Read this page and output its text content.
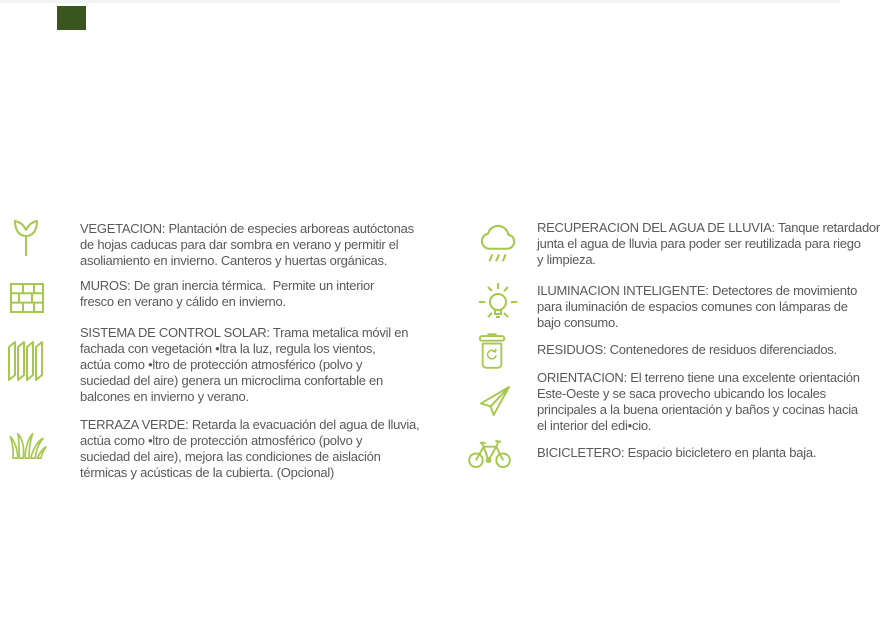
VEGETACION: Plantación de especies arboreas autóctonas
de hojas caducas para dar sombra en verano y permitir el
asoliamiento en invierno. Canteros y huertas orgánicas.
MUROS: De gran inercia térmica.  Permite un interior
fresco en verano y cálido en invierno.
SISTEMA DE CONTROL SOLAR: Trama metalica móvil en
fachada con vegetación •ltra la luz, regula los vientos,
actúa como •ltro de protección atmosférico (polvo y
suciedad del aire) genera un microclima confortable en
balcones en invierno y verano.
TERRAZA VERDE: Retarda la evacuación del agua de lluvia,
actúa como •ltro de protección atmosférico (polvo y
suciedad del aire), mejora las condiciones de aislación
térmicas y acústicas de la cubierta. (Opcional)
RECUPERACION DEL AGUA DE LLUVIA: Tanque retardador
junta el agua de lluvia para poder ser reutilizada para riego
y limpieza.
ILUMINACION INTELIGENTE: Detectores de movimiento
para iluminación de espacios comunes con lámparas de
bajo consumo.
RESIDUOS: Contenedores de residuos diferenciados.
ORIENTACION: El terreno tiene una excelente orientación
Este-Oeste y se saca provecho ubicando los locales
principales a la buena orientación y baños y cocinas hacia
el interior del edi•cio.
BICICLETERO: Espacio bicicletero en planta baja.
